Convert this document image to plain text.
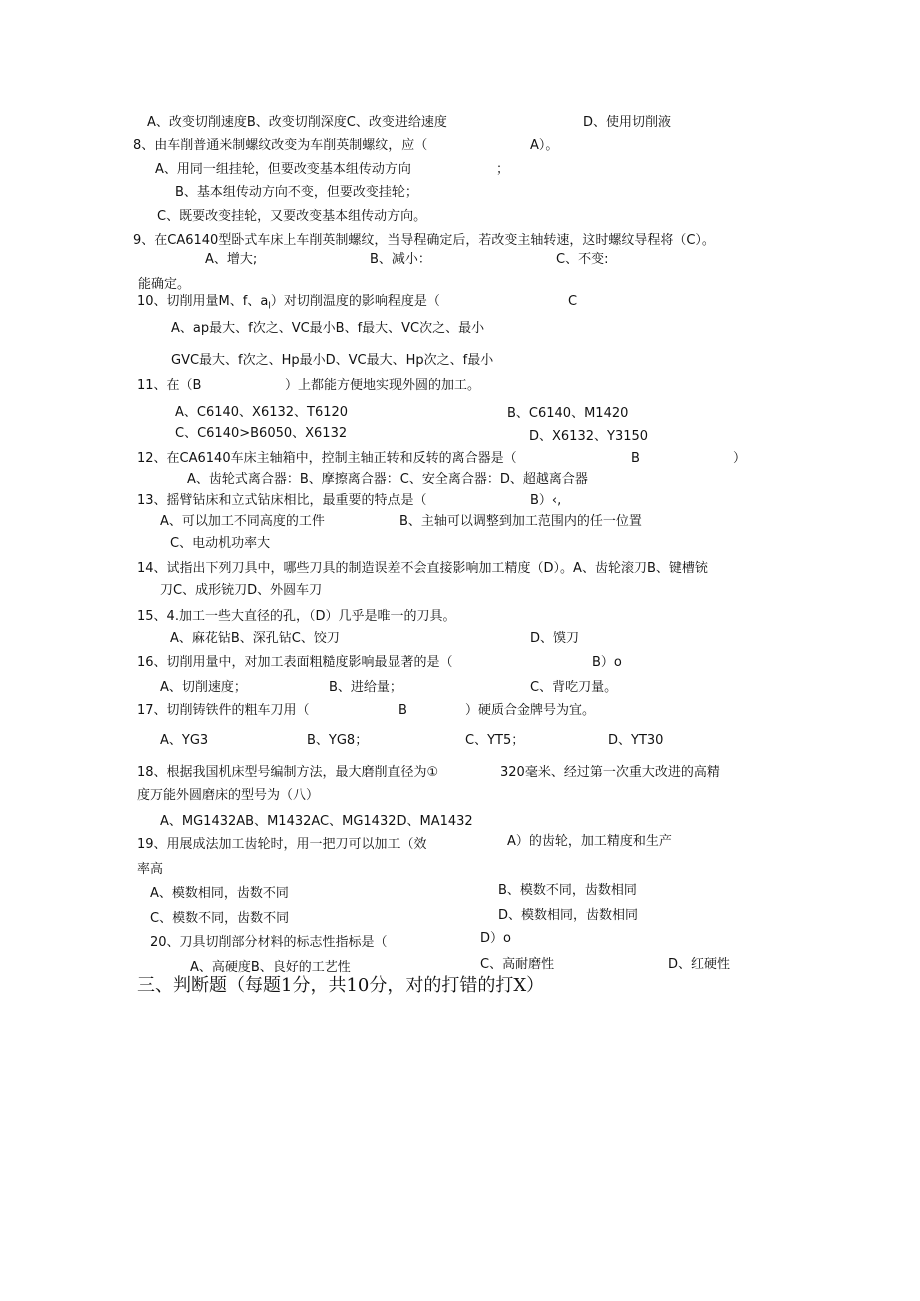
A、改变切削速度B、改变切削深度C、改变进给速度	D、使用切削液
8、由车削普通米制螺纹改变为车削英制螺纹，应（	A）。
A、用同一组挂轮，但要改变基本组传动方向	；
B、基本组传动方向不变，但要改变挂轮；
C、既要改变挂轮，又要改变基本组传动方向。
9、在CA6140型卧式车床上车削英制螺纹，当导程确定后，若改变主轴转速，这时螺纹导程将（C）。
A、增大;	B、减小：	C、不变:
能确定。
10、切削用量M、f、$a_l$）对切削温度的影响程度是（	C
A、ap最大、f次之、VC最小B、f最大、VC次之、最小
GVC最大、f次之、Hp最小D、VC最大、Hp次之、f最小
11、在（B	）上都能方便地实现外圆的加工。
A、C6140、X6132、T6120	B、C6140、M1420
C、C6140>B6050、X6132	D、X6132、Y3150
12、在CA6140车床主轴箱中，控制主轴正转和反转的离合器是（	B	）
A、齿轮式离合器：B、摩擦离合器：C、安全离合器：D、超越离合器
13、摇臂钻床和立式钻床相比，最重要的特点是（	B）‹,
A、可以加工不同高度的工件	B、主轴可以调整到加工范围内的任一位置
C、电动机功率大
14、试指出下列刀具中，哪些刀具的制造误差不会直接影响加工精度（D）。A、齿轮滚刀B、键槽铳
刀C、成形铳刀D、外圆车刀
15、4.加工一些大直径的孔，（D）几乎是唯一的刀具。
A、麻花钻B、深孔钻C、饺刀	D、馍刀
16、切削用量中，对加工表面粗糙度影响最显著的是（	B）o
A、切削速度；	B、进给量；	C、背吃刀量。
17、切削铸铁件的粗车刀用（	B	）硬质合金牌号为宜。
A、YG3	B、YG8；	C、YT5；	D、YT30
18、根据我国机床型号编制方法，最大磨削直径为①	320毫米、经过第一次重大改进的高精
度万能外圆磨床的型号为（八）
A、MG1432AB、M1432AC、MG1432D、MA1432
19、用展成法加工齿轮时，用一把刀可以加工（效	A）的齿轮，加工精度和生产
率高
A、模数相同，齿数不同	B、模数不同，齿数相同
C、模数不同，齿数不同	D、模数相同，齿数相同
20、刀具切削部分材料的标志性指标是（	D）o
A、高硬度B、良好的工艺性	C、高耐磨性	D、红硬性
三、判断题（每题1分，共10分，对的打错的打X）
